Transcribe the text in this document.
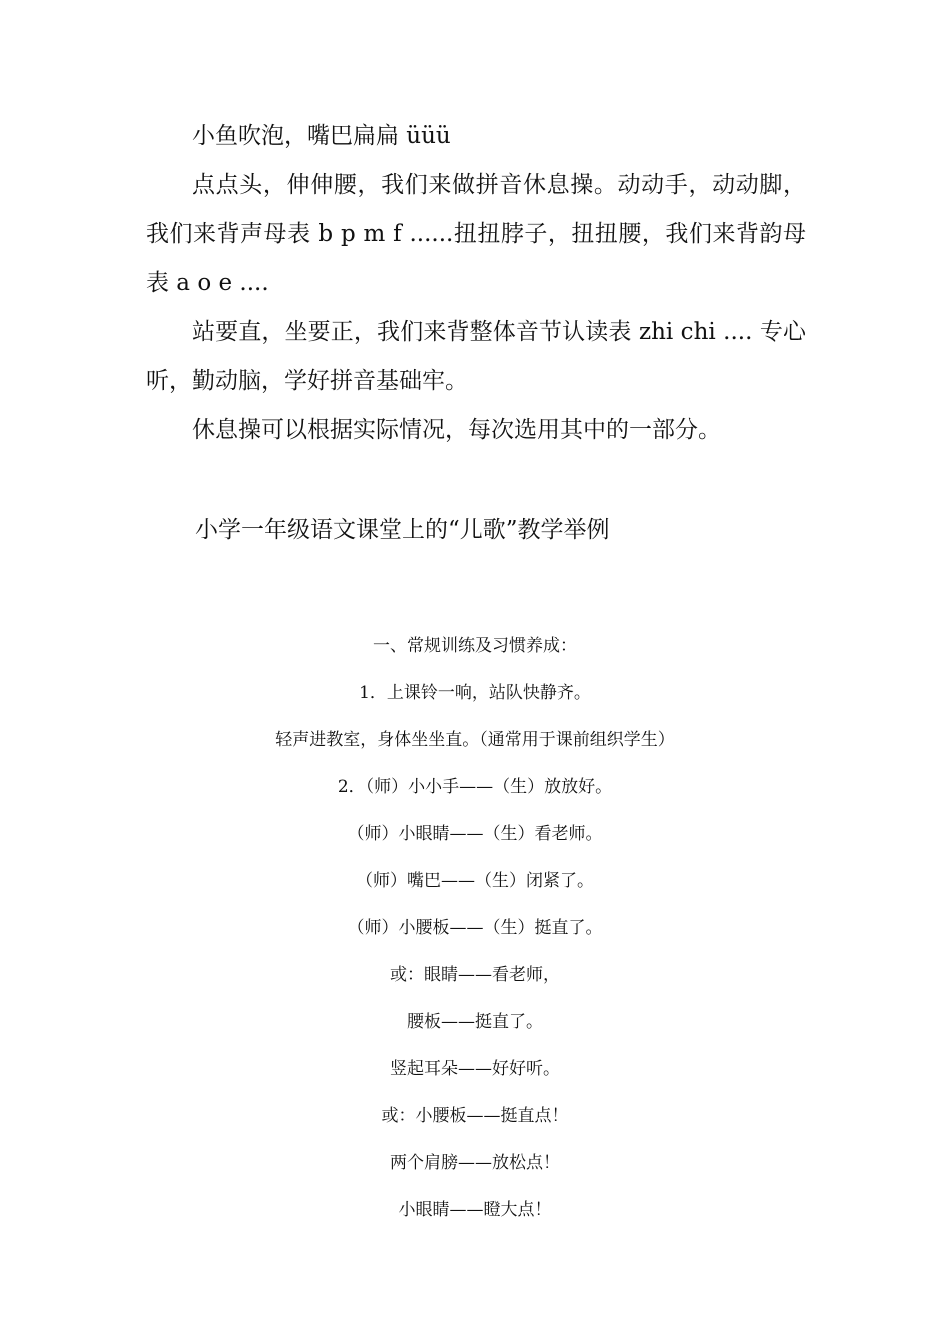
小鱼吹泡，嘴巴扁扁 üüü

点点头，伸伸腰，我们来做拼音休息操。动动手，动动脚，我们来背声母表 b p m f ......扭扭脖子，扭扭腰，我们来背韵母表 a o e ....

站要直，坐要正，我们来背整体音节认读表 zhi chi .... 专心听，勤动脑，学好拼音基础牢。

休息操可以根据实际情况，每次选用其中的一部分。

小学一年级语文课堂上的“儿歌”教学举例

一、常规训练及习惯养成：

1．上课铃一响，站队快静齐。

轻声进教室，身体坐坐直。（通常用于课前组织学生）

2．（师）小小手——（生）放放好。

（师）小眼睛——（生）看老师。

（师）嘴巴——（生）闭紧了。

（师）小腰板——（生）挺直了。

或：眼睛——看老师，

腰板——挺直了。

竖起耳朵——好好听。

或：小腰板——挺直点！

两个肩膀——放松点！

小眼睛——瞪大点！
